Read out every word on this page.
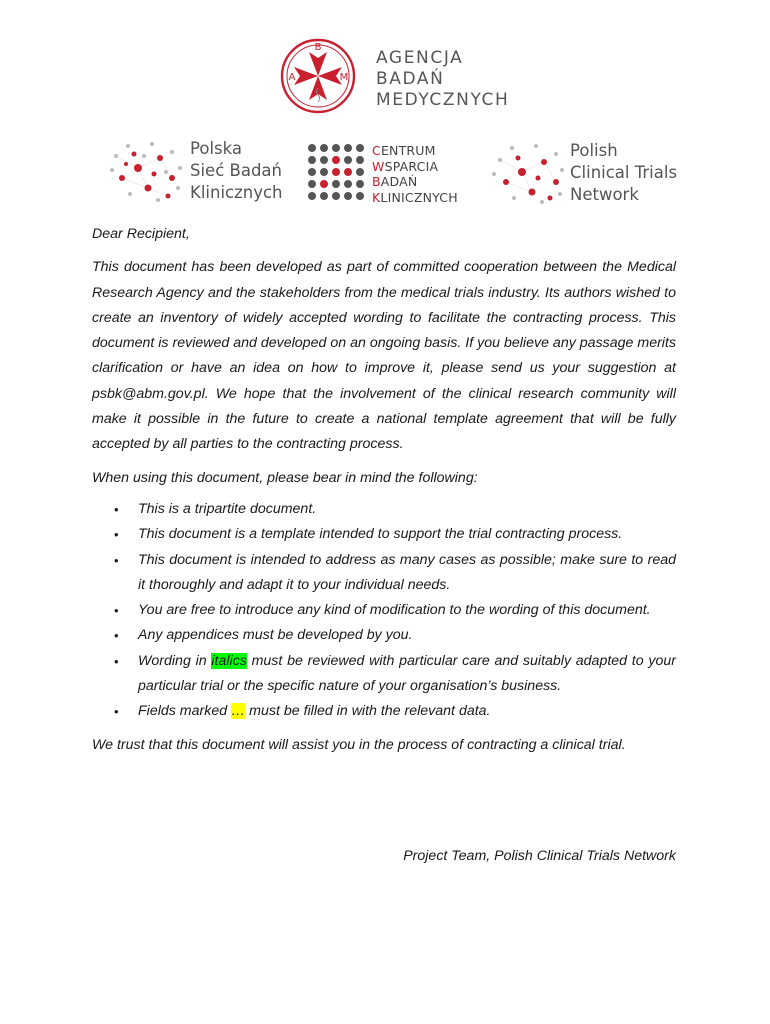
B
A	M
AGENCJA
BADAŃ
MEDYCZNYCH
Polska
Sieć Badań
Klinicznych
CENTRUM
WSPARCIA
BADAŃ
KLINICZNYCH
Polish
Clinical Trials
Network

Dear Recipient,

This document has been developed as part of committed cooperation between the Medical Research Agency and the stakeholders from the medical trials industry. Its authors wished to create an inventory of widely accepted wording to facilitate the contracting process. This document is reviewed and developed on an ongoing basis. If you believe any passage merits clarification or have an idea on how to improve it, please send us your suggestion at psbk@abm.gov.pl. We hope that the involvement of the clinical research community will make it possible in the future to create a national template agreement that will be fully accepted by all parties to the contracting process.

When using this document, please bear in mind the following:

• This is a tripartite document.
• This document is a template intended to support the trial contracting process.
• This document is intended to address as many cases as possible; make sure to read it thoroughly and adapt it to your individual needs.
• You are free to introduce any kind of modification to the wording of this document.
• Any appendices must be developed by you.
• Wording in italics must be reviewed with particular care and suitably adapted to your particular trial or the specific nature of your organisation’s business.
• Fields marked … must be filled in with the relevant data.

We trust that this document will assist you in the process of contracting a clinical trial.

Project Team, Polish Clinical Trials Network
